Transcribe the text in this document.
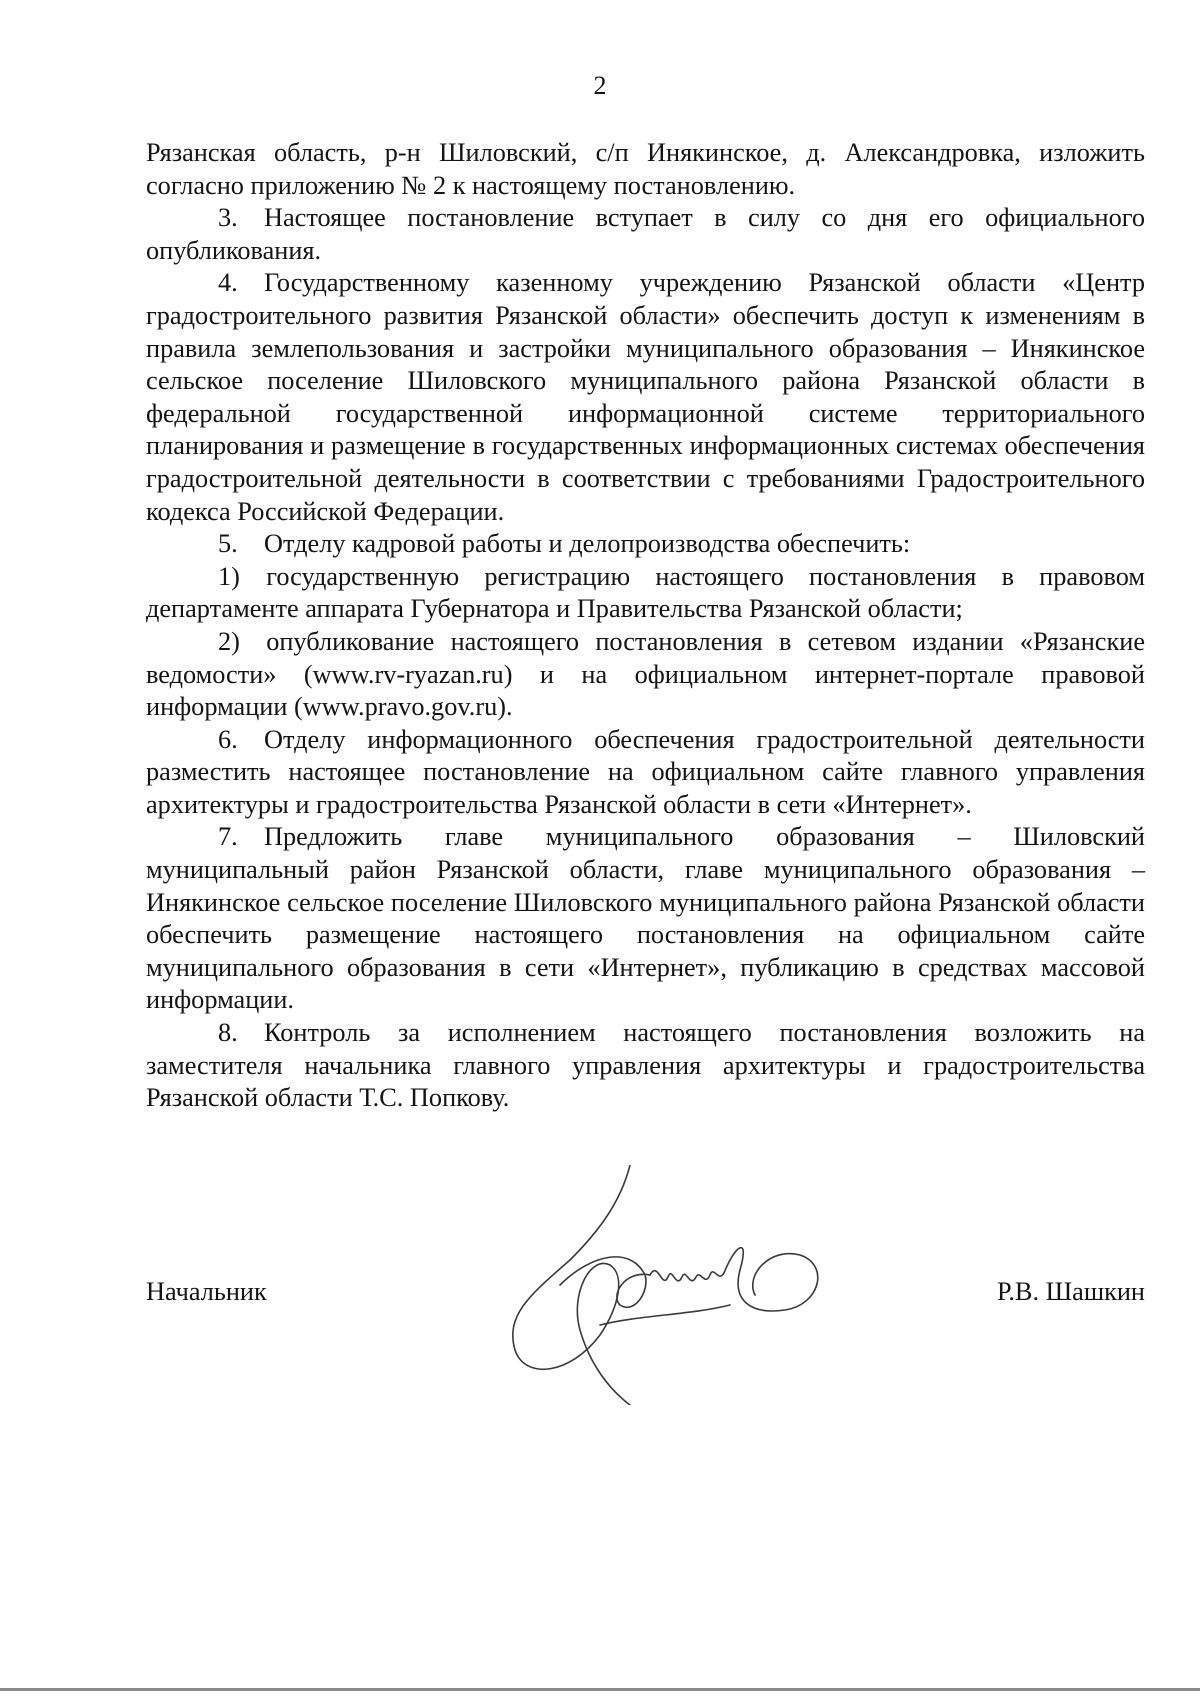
2

Рязанская область, р-н Шиловский, с/п Инякинское, д. Александровка, изложить согласно приложению № 2 к настоящему постановлению.

3. Настоящее постановление вступает в силу со дня его официального опубликования.

4. Государственному казенному учреждению Рязанской области «Центр градостроительного развития Рязанской области» обеспечить доступ к изменениям в правила землепользования и застройки муниципального образования – Инякинское сельское поселение Шиловского муниципального района Рязанской области в федеральной государственной информационной системе территориального планирования и размещение в государственных информационных системах обеспечения градостроительной деятельности в соответствии с требованиями Градостроительного кодекса Российской Федерации.

5. Отделу кадровой работы и делопроизводства обеспечить:

1) государственную регистрацию настоящего постановления в правовом департаменте аппарата Губернатора и Правительства Рязанской области;

2) опубликование настоящего постановления в сетевом издании «Рязанские ведомости» (www.rv-ryazan.ru) и на официальном интернет-портале правовой информации (www.pravo.gov.ru).

6. Отделу информационного обеспечения градостроительной деятельности разместить настоящее постановление на официальном сайте главного управления архитектуры и градостроительства Рязанской области в сети «Интернет».

7. Предложить главе муниципального образования – Шиловский муниципальный район Рязанской области, главе муниципального образования – Инякинское сельское поселение Шиловского муниципального района Рязанской области обеспечить размещение настоящего постановления на официальном сайте муниципального образования в сети «Интернет», публикацию в средствах массовой информации.

8. Контроль за исполнением настоящего постановления возложить на заместителя начальника главного управления архитектуры и градостроительства Рязанской области Т.С. Попкову.

Начальник	Р.В. Шашкин
